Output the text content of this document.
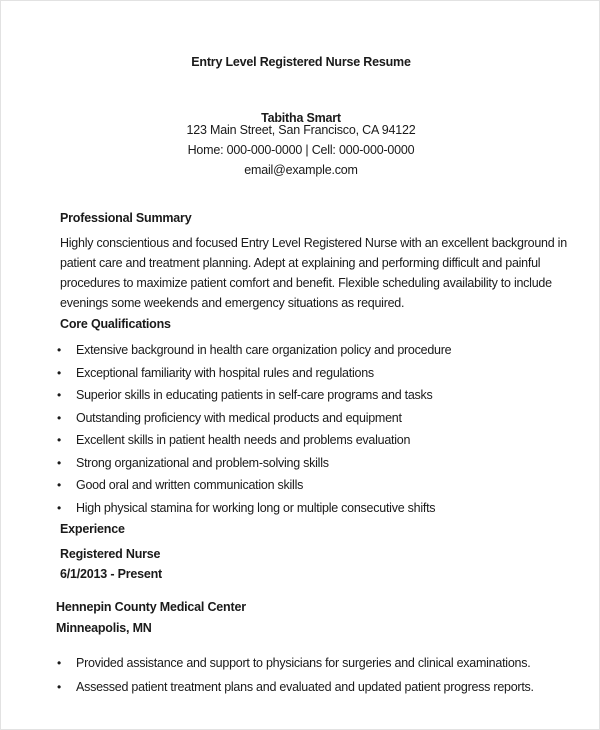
Entry Level Registered Nurse Resume
Tabitha Smart
123 Main Street, San Francisco, CA 94122
Home: 000-000-0000 | Cell: 000-000-0000
email@example.com
Professional Summary
Highly conscientious and focused Entry Level Registered Nurse with an excellent background in
patient care and treatment planning. Adept at explaining and performing difficult and painful
procedures to maximize patient comfort and benefit. Flexible scheduling availability to include
evenings some weekends and emergency situations as required.
Core Qualifications
• Extensive background in health care organization policy and procedure
• Exceptional familiarity with hospital rules and regulations
• Superior skills in educating patients in self-care programs and tasks
• Outstanding proficiency with medical products and equipment
• Excellent skills in patient health needs and problems evaluation
• Strong organizational and problem-solving skills
• Good oral and written communication skills
• High physical stamina for working long or multiple consecutive shifts
Experience
Registered Nurse
6/1/2013 - Present
Hennepin County Medical Center
Minneapolis, MN
• Provided assistance and support to physicians for surgeries and clinical examinations.
• Assessed patient treatment plans and evaluated and updated patient progress reports.
